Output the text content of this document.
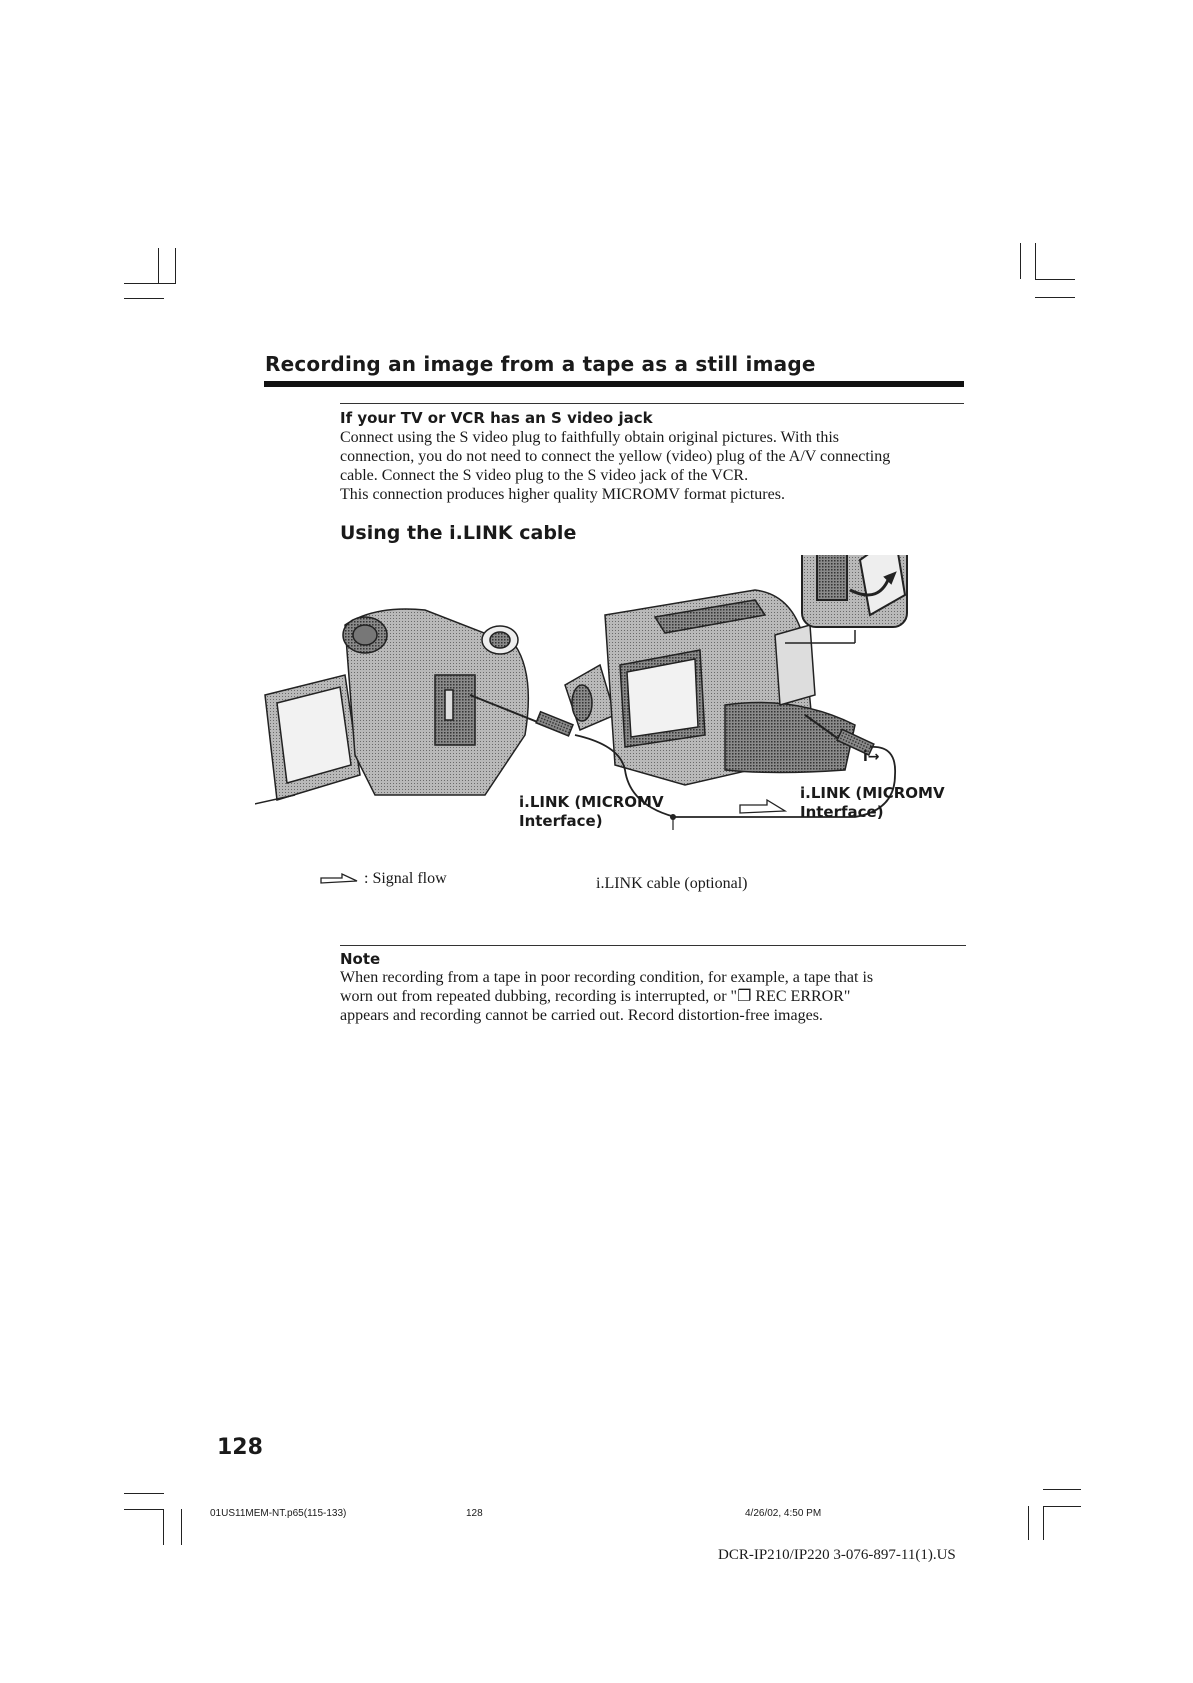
Recording an image from a tape as a still image
If your TV or VCR has an S video jack

Connect using the S video plug to faithfully obtain original pictures. With this

connection, you do not need to connect the yellow (video) plug of the A/V connecting

cable. Connect the S video plug to the S video jack of the VCR.

This connection produces higher quality MICROMV format pictures.

Using the i.LINK cable
i.LINK (MICROMV
Interface)
i.LINK (MICROMV
Interface)
i→
: Signal flow	i.LINK cable (optional)
Note
When recording from a tape in poor recording condition, for example, a tape that is
worn out from repeated dubbing, recording is interrupted, or "❐ REC ERROR"
appears and recording cannot be carried out. Record distortion-free images.
128
01US11MEM-NT.p65(115-133)	128	4/26/02, 4:50 PM
DCR-IP210/IP220 3-076-897-11(1).US
